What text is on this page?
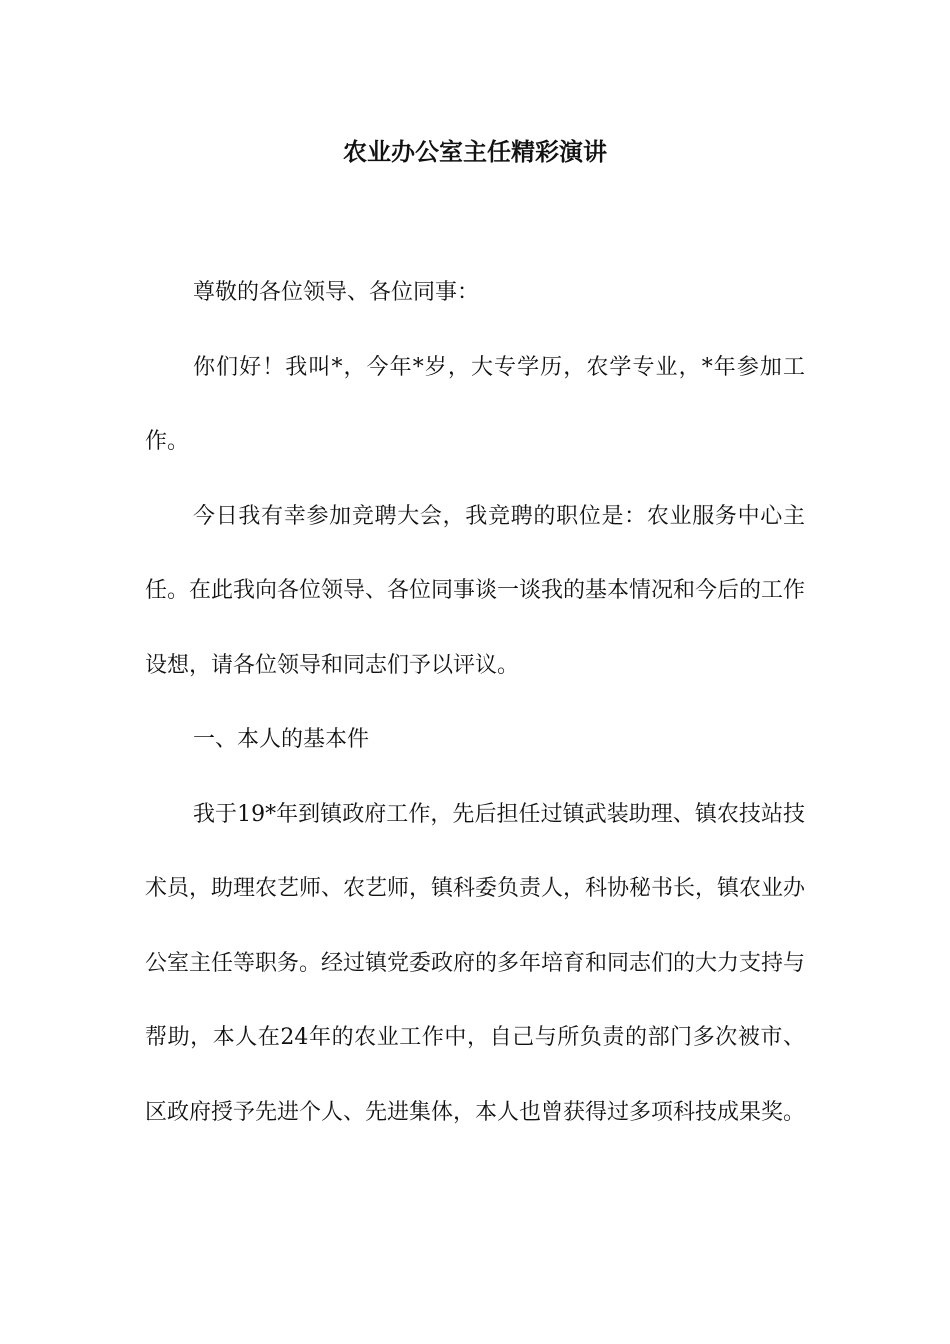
农业办公室主任精彩演讲

尊敬的各位领导、各位同事：

你们好！我叫*，今年*岁，大专学历，农学专业，*年参加工作。

今日我有幸参加竞聘大会，我竞聘的职位是：农业服务中心主任。在此我向各位领导、各位同事谈一谈我的基本情况和今后的工作设想，请各位领导和同志们予以评议。

一、本人的基本件

我于19*年到镇政府工作，先后担任过镇武装助理、镇农技站技术员，助理农艺师、农艺师，镇科委负责人，科协秘书长，镇农业办公室主任等职务。经过镇党委政府的多年培育和同志们的大力支持与帮助，本人在24年的农业工作中，自己与所负责的部门多次被市、区政府授予先进个人、先进集体，本人也曾获得过多项科技成果奖。
